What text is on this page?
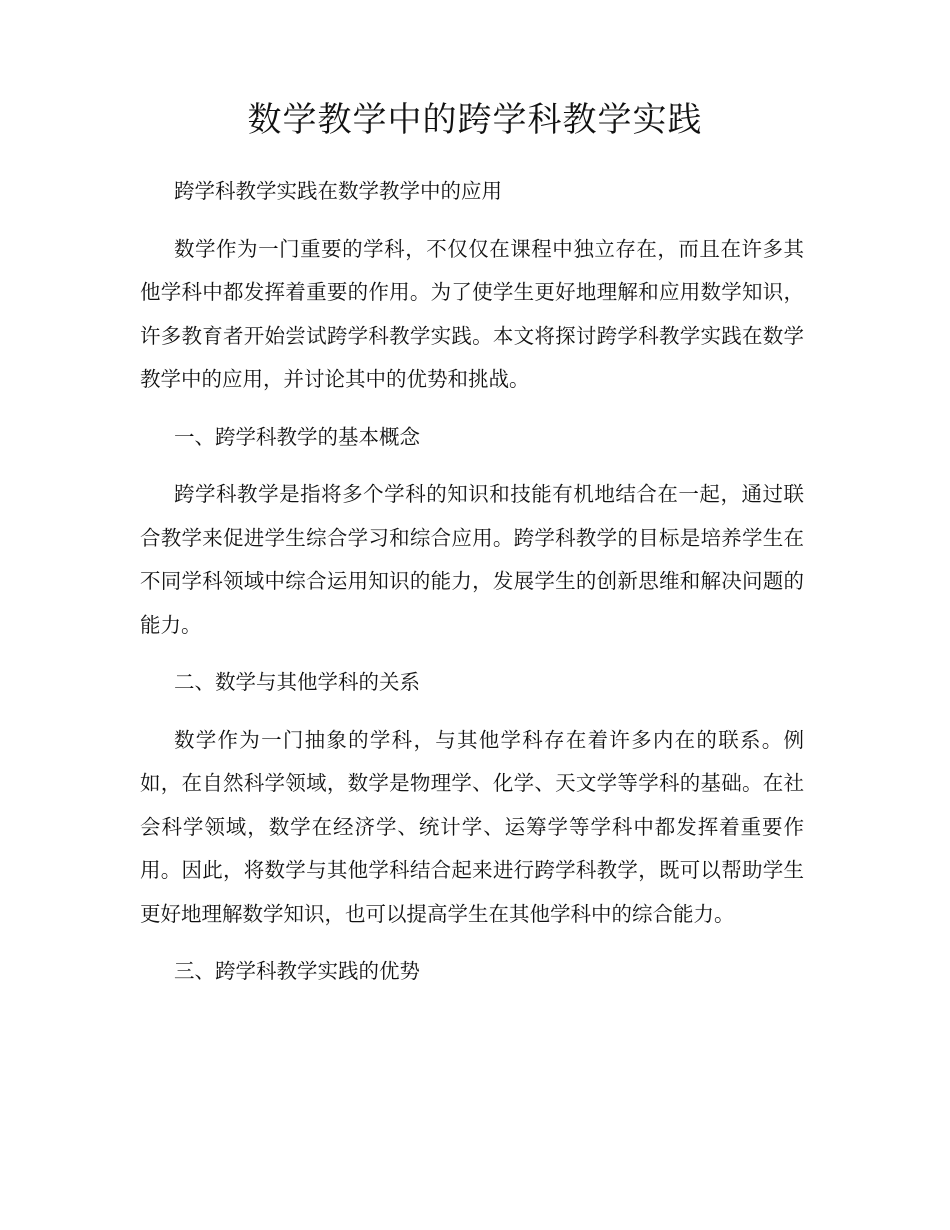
数学教学中的跨学科教学实践

跨学科教学实践在数学教学中的应用

数学作为一门重要的学科，不仅仅在课程中独立存在，而且在许多其他学科中都发挥着重要的作用。为了使学生更好地理解和应用数学知识，许多教育者开始尝试跨学科教学实践。本文将探讨跨学科教学实践在数学教学中的应用，并讨论其中的优势和挑战。

一、跨学科教学的基本概念

跨学科教学是指将多个学科的知识和技能有机地结合在一起，通过联合教学来促进学生综合学习和综合应用。跨学科教学的目标是培养学生在不同学科领域中综合运用知识的能力，发展学生的创新思维和解决问题的能力。

二、数学与其他学科的关系

数学作为一门抽象的学科，与其他学科存在着许多内在的联系。例如，在自然科学领域，数学是物理学、化学、天文学等学科的基础。在社会科学领域，数学在经济学、统计学、运筹学等学科中都发挥着重要作用。因此，将数学与其他学科结合起来进行跨学科教学，既可以帮助学生更好地理解数学知识，也可以提高学生在其他学科中的综合能力。

三、跨学科教学实践的优势
